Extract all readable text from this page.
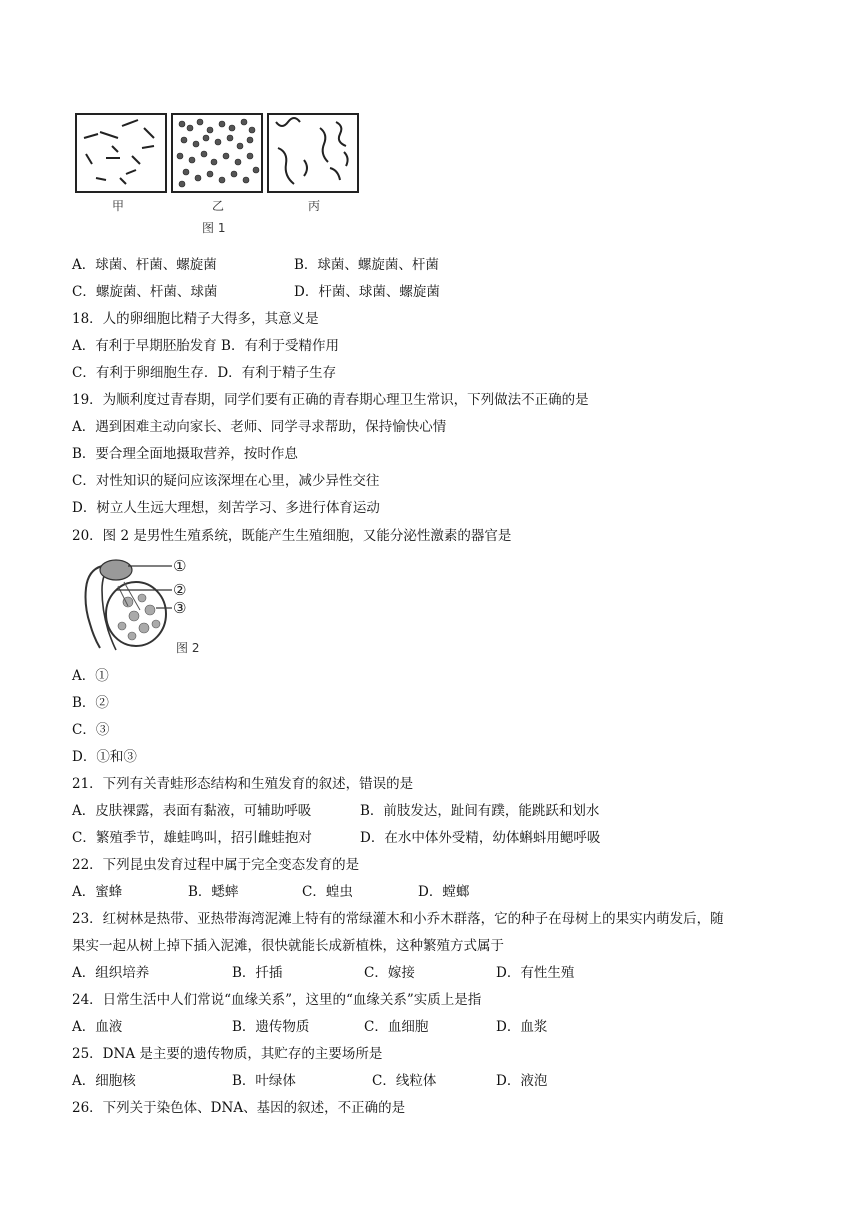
甲	乙	丙
图 1
A．球菌、杆菌、螺旋菌	B．球菌、螺旋菌、杆菌
C．螺旋菌、杆菌、球菌	D．杆菌、球菌、螺旋菌
18．人的卵细胞比精子大得多，其意义是
A．有利于早期胚胎发育 B．有利于受精作用
C．有利于卵细胞生存．D．有利于精子生存
19．为顺利度过青春期，同学们要有正确的青春期心理卫生常识，下列做法不正确的是
A．遇到困难主动向家长、老师、同学寻求帮助，保持愉快心情
B．要合理全面地摄取营养，按时作息
C．对性知识的疑问应该深埋在心里，减少异性交往
D．树立人生远大理想，刻苦学习、多进行体育运动
20．图 2 是男性生殖系统，既能产生生殖细胞，又能分泌性激素的器官是
①
②
③
图 2
A．①
B．②
C．③
D．①和③
21．下列有关青蛙形态结构和生殖发育的叙述，错误的是
A．皮肤裸露，表面有黏液，可辅助呼吸	B．前肢发达，趾间有蹼，能跳跃和划水
C．繁殖季节，雄蛙鸣叫，招引雌蛙抱对	D．在水中体外受精，幼体蝌蚪用鳃呼吸
22．下列昆虫发育过程中属于完全变态发育的是
A．蜜蜂	B．蟋蟀	C．蝗虫	D．螳螂
23．红树林是热带、亚热带海湾泥滩上特有的常绿灌木和小乔木群落，它的种子在母树上的果实内萌发后，随
果实一起从树上掉下插入泥滩，很快就能长成新植株，这种繁殖方式属于
A．组织培养	B．扦插	C．嫁接	D．有性生殖
24．日常生活中人们常说“血缘关系”，这里的“血缘关系”实质上是指
A．血液	B．遗传物质	C．血细胞	D．血浆
25．DNA 是主要的遗传物质，其贮存的主要场所是
A．细胞核	B．叶绿体	C．线粒体	D．液泡
26．下列关于染色体、DNA、基因的叙述，不正确的是
